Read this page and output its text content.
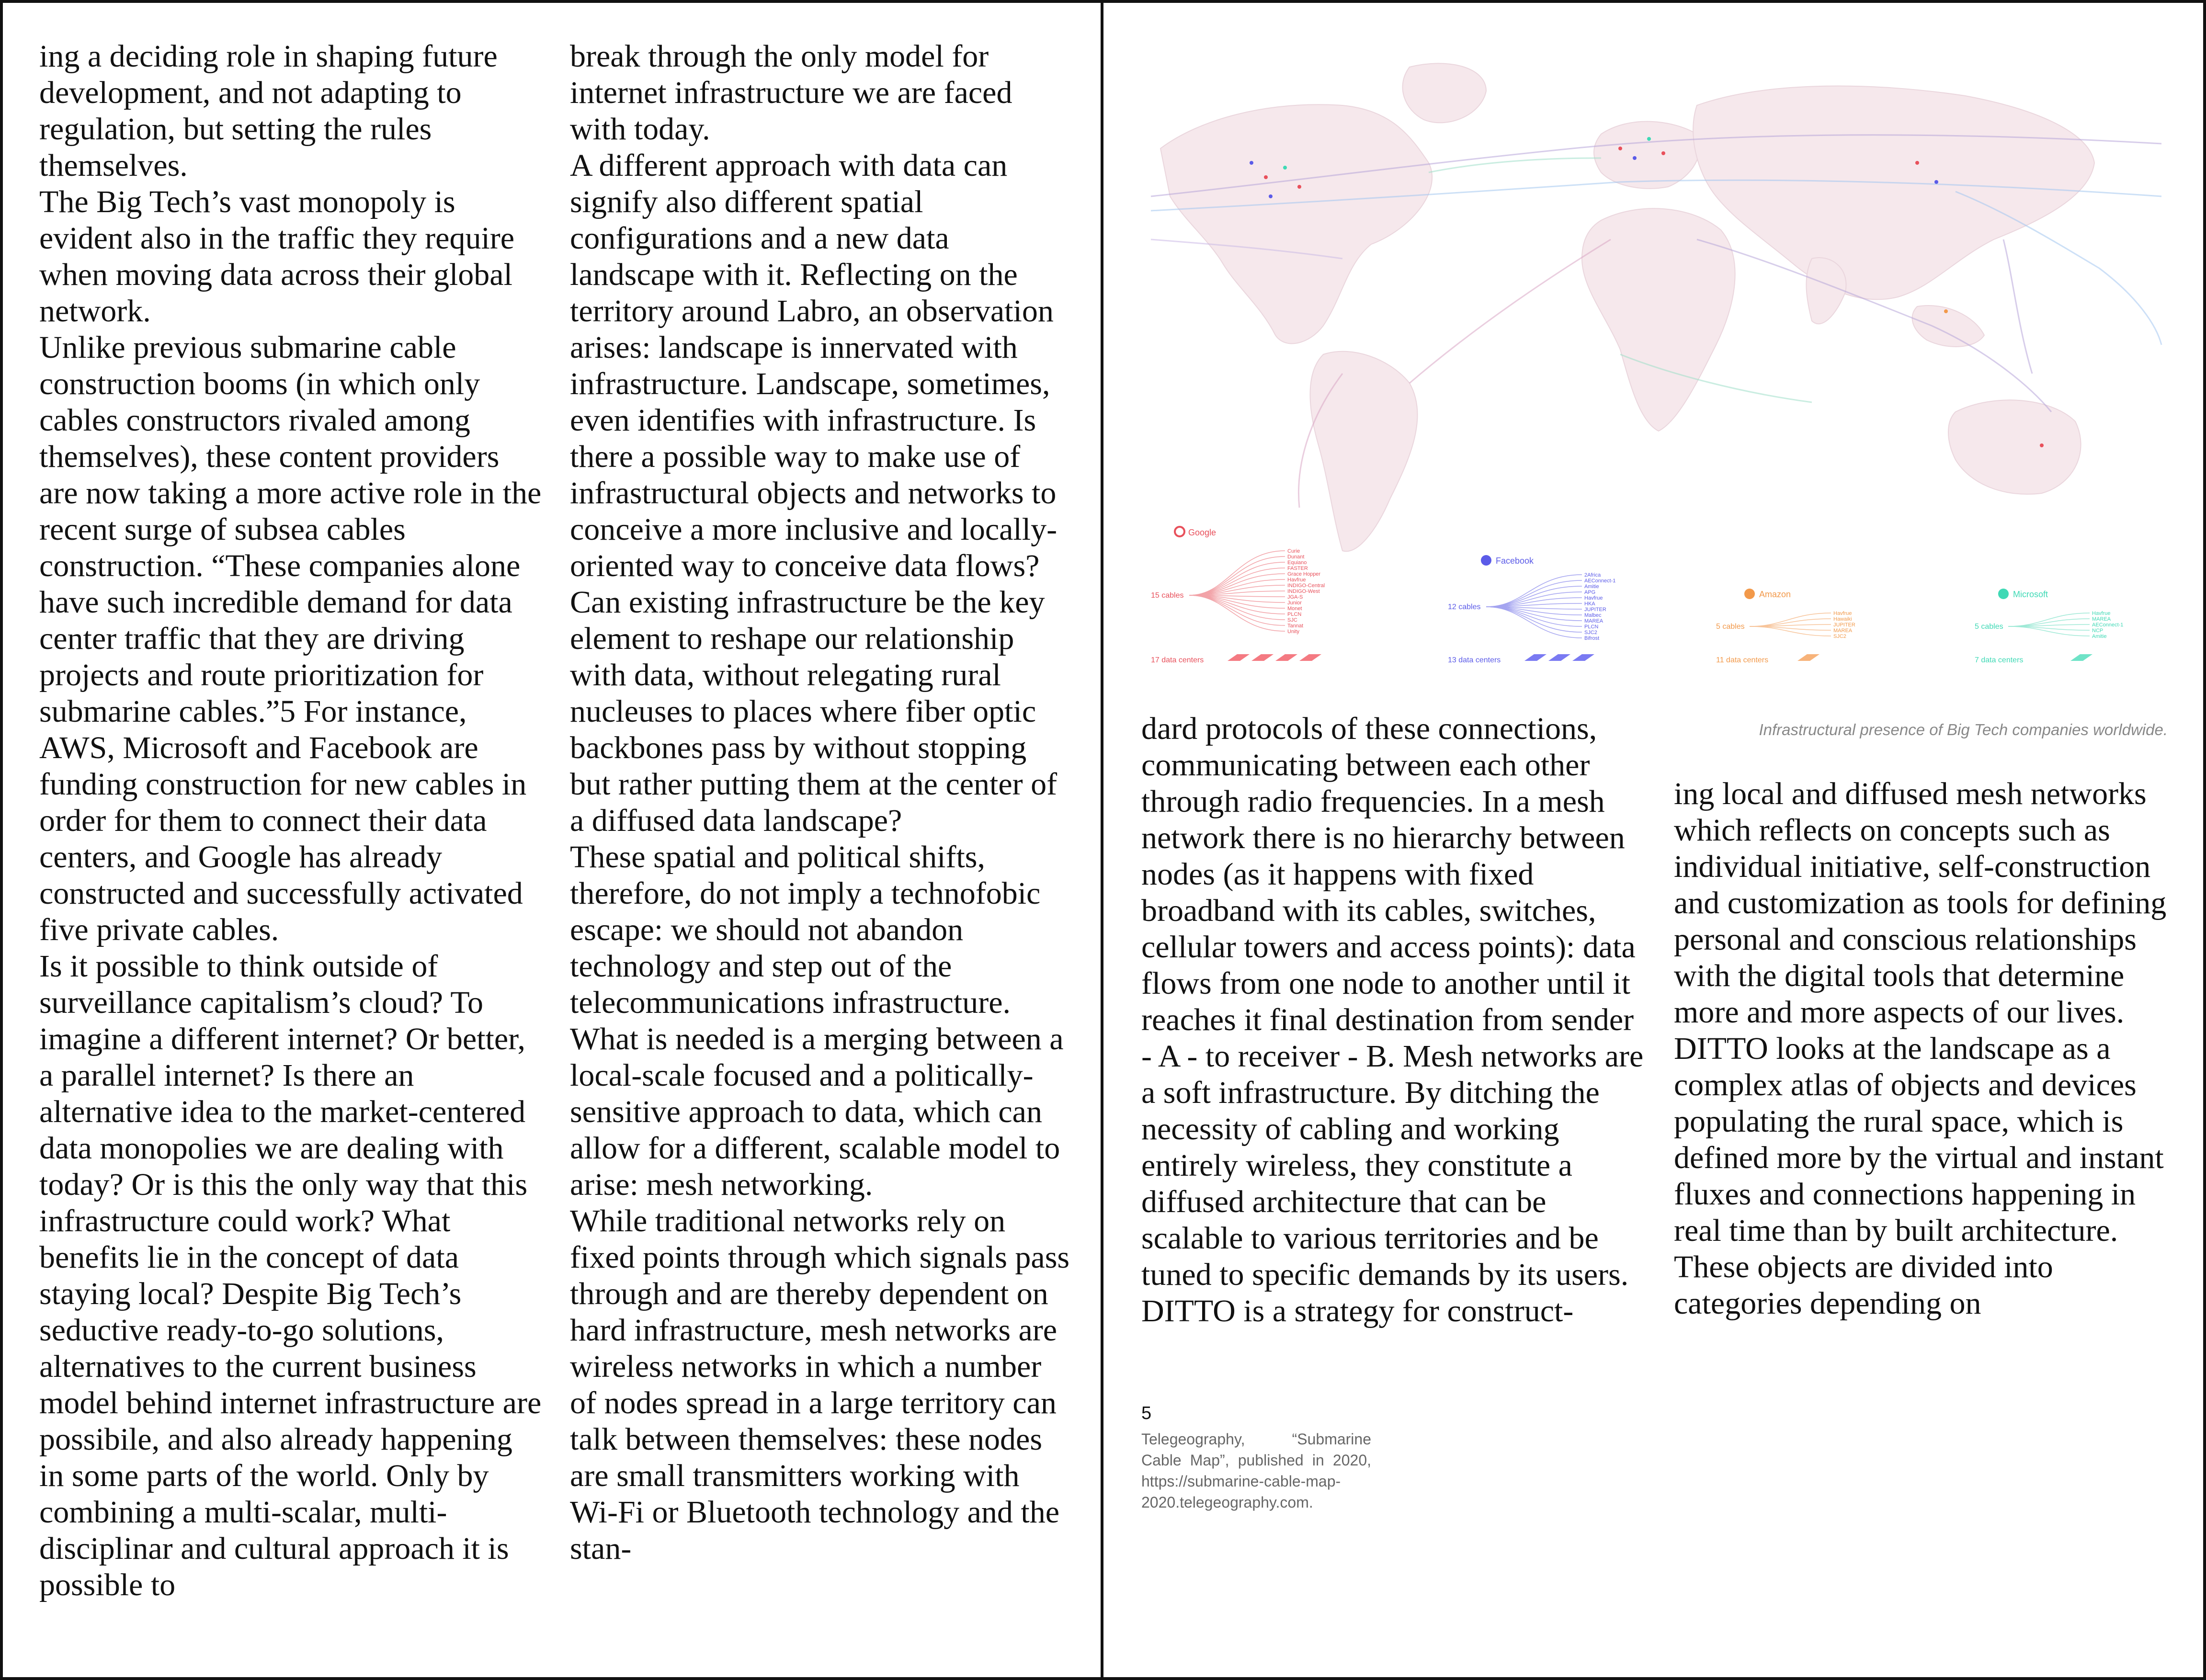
ing a deciding role in shaping future development, and not adapting to regulation, but setting the rules themselves.

The Big Tech’s vast monopoly is evident also in the traffic they require when moving data across their global network.

Unlike previous submarine cable construction booms (in which only cables constructors rivaled among themselves), these content providers are now taking a more active role in the recent surge of subsea cables construction. “These companies alone have such incredible demand for data center traffic that they are driving projects and route prioritization for submarine cables.”5 For instance, AWS, Microsoft and Facebook are funding construction for new cables in order for them to connect their data centers, and Google has already constructed and successfully activated five private cables.

Is it possible to think outside of surveillance capitalism’s cloud? To imagine a different internet? Or better, a parallel internet? Is there an alternative idea to the market-centered data monopolies we are dealing with today? Or is this the only way that this infrastructure could work? What benefits lie in the concept of data staying local? Despite Big Tech’s seductive ready-to-go solutions, alternatives to the current business model behind internet infrastructure are possibile, and also already happening in some parts of the world. Only by combining a multi-scalar, multi-disciplinar and cultural approach it is possible to

break through the only model for internet infrastructure we are faced with today.

A different approach with data can signify also different spatial configurations and a new data landscape with it. Reflecting on the territory around Labro, an observation arises: landscape is innervated with infrastructure. Landscape, sometimes, even identifies with infrastructure. Is there a possible way to make use of infrastructural objects and networks to conceive a more inclusive and locally-oriented way to conceive data flows? Can existing infrastructure be the key element to reshape our relationship with data, without relegating rural nucleuses to places where fiber optic backbones pass by without stopping but rather putting them at the center of a diffused data landscape?

These spatial and political shifts, therefore, do not imply a technofobic escape: we should not abandon technology and step out of the telecommunications infrastructure. What is needed is a merging between a local-scale focused and a politically-sensitive approach to data, which can allow for a different, scalable model to arise: mesh networking.

While traditional networks rely on fixed points through which signals pass through and are thereby dependent on hard infrastructure, mesh networks are wireless networks in which a number of nodes spread in a large territory can talk between themselves: these nodes are small transmitters working with Wi-Fi or Bluetooth technology and the stan-

Google
15 cables
Curie
Dunant
Equiano
FASTER
Grace Hopper
Havfrue
INDIGO-Central
INDIGO-West
JGA-S
Junior
Monet
PLCN
SJC
Tannat
Unity
17 data centers
Facebook
12 cables
2Africa
AEConnect-1
Amitie
APG
Havfrue
HKA
JUPITER
Malbec
MAREA
PLCN
SJC2
Bifrost
13 data centers
Amazon
5 cables
Havfrue
Hawaiki
JUPITER
MAREA
SJC2
11 data centers
Microsoft
5 cables
Havfrue
MAREA
AEConnect-1
NCP
Amitie
7 data centers
Infrastructural presence of Big Tech companies worldwide.

dard protocols of these connections, communicating between each other through radio frequencies. In a mesh network there is no hierarchy between nodes (as it happens with fixed broadband with its cables, switches, cellular towers and access points): data flows from one node to another until it reaches it final destination from sender - A - to receiver - B. Mesh networks are a soft infrastructure. By ditching the necessity of cabling and working entirely wireless, they constitute a diffused architecture that can be scalable to various territories and be tuned to specific demands by its users.

DITTO is a strategy for construct-

ing local and diffused mesh networks which reflects on concepts such as individual initiative, self-construction and customization as tools for defining personal and conscious relationships with the digital tools that determine more and more aspects of our lives.

DITTO looks at the landscape as a complex atlas of objects and devices populating the rural space, which is defined more by the virtual and instant fluxes and connections happening in real time than by built architecture. These objects are divided into categories depending on

5
Telegeography, “Submarine Cable Map”, published in 2020, https://submarine-cable-map-2020.telegeography.com.
